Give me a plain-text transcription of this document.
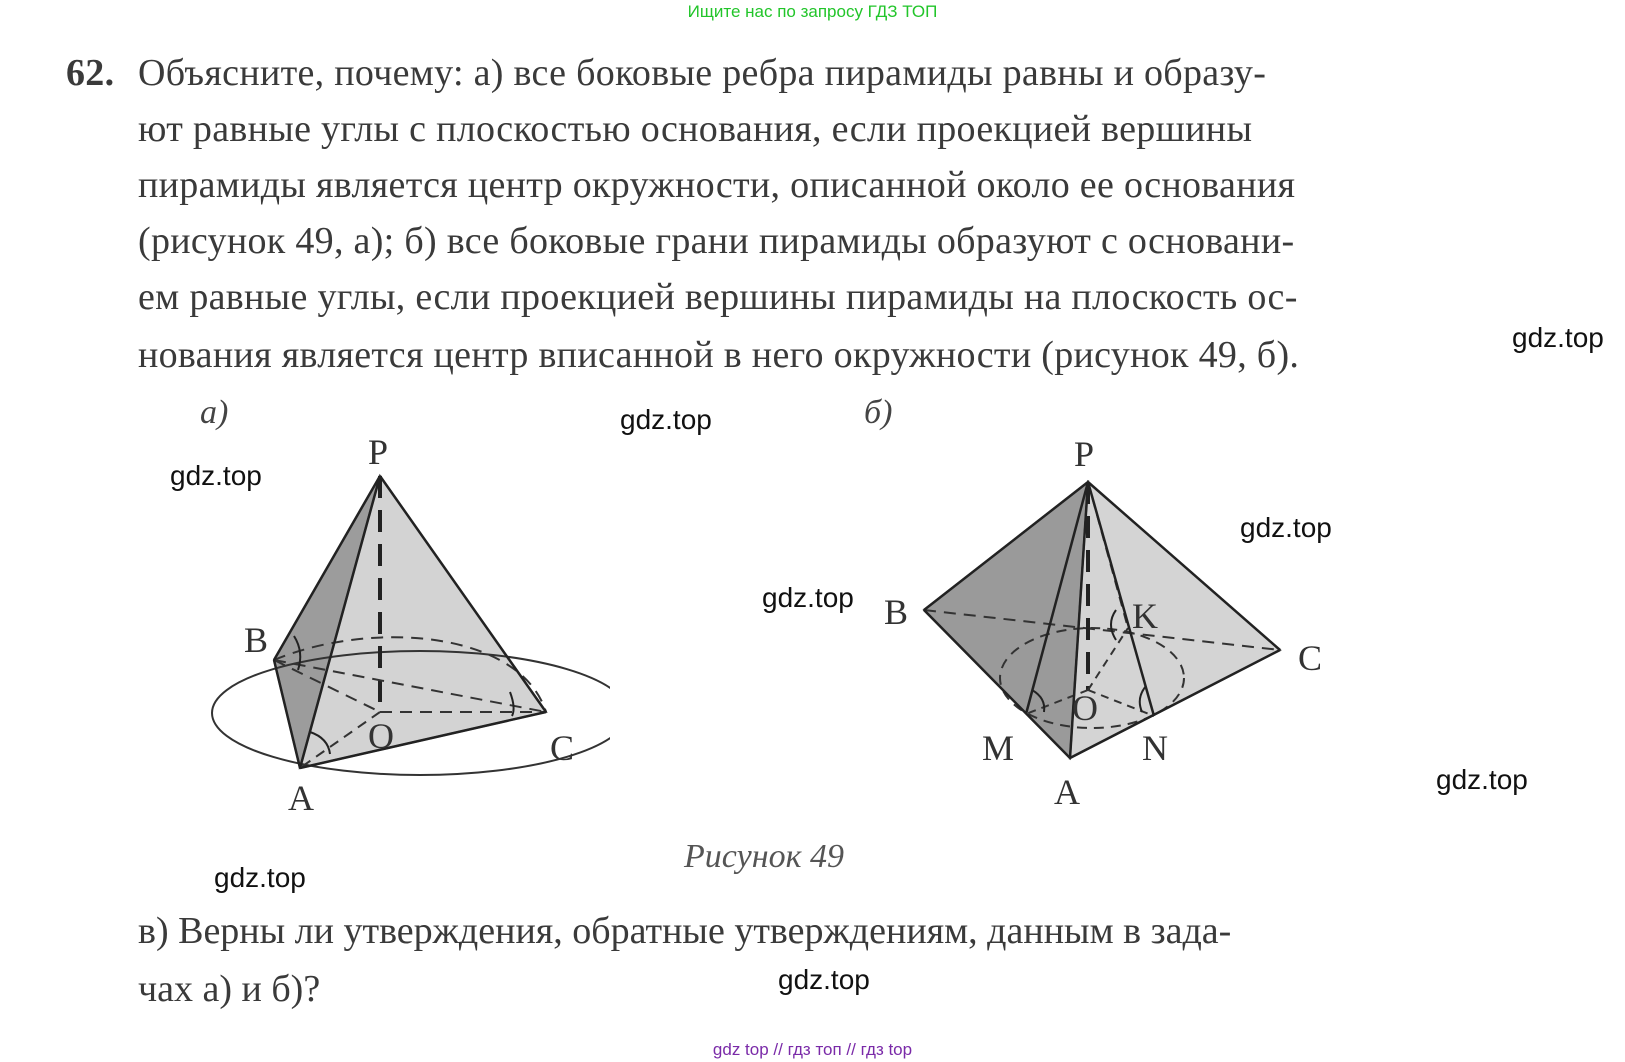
Ищите нас по запросу ГДЗ ТОП
62. Объясните, почему: а) все боковые ребра пирамиды равны и образу-
ют равные углы с плоскостью основания, если проекцией вершины
пирамиды является центр окружности, описанной около ее основания
(рисунок 49, а); б) все боковые грани пирамиды образуют с основани-
ем равные углы, если проекцией вершины пирамиды на плоскость ос-
нования является центр вписанной в него окружности (рисунок 49, б).
а)	б)
P
B
O	C
A
P
B	K
C
O
M	N
A
Рисунок 49
в) Верны ли утверждения, обратные утверждениям, данным в зада-
чах а) и б)?
gdz.top
gdz.top
gdz.top
gdz.top
gdz.top
gdz.top
gdz.top
gdz.top
gdz top // гдз топ // гдз top
